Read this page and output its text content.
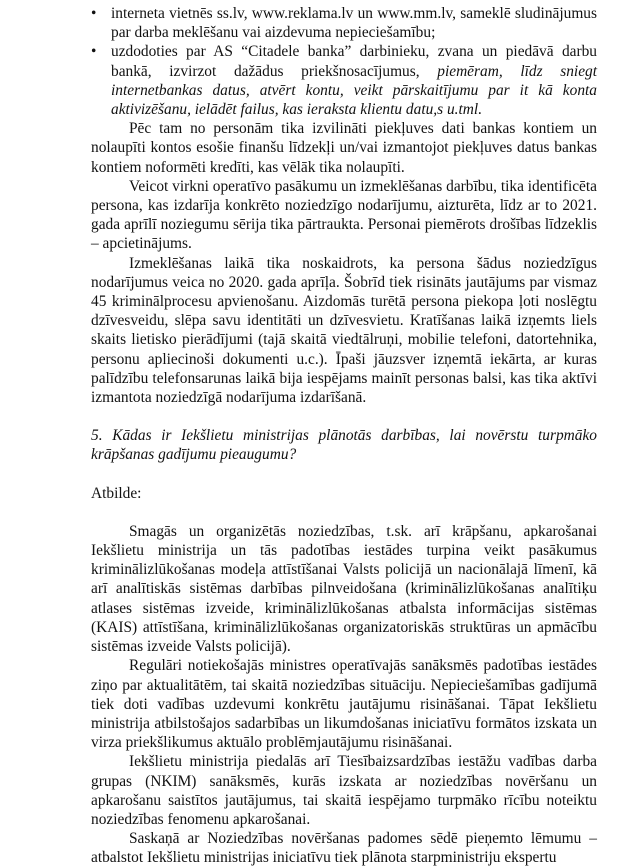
• interneta vietnēs ss.lv, www.reklama.lv un www.mm.lv, sameklē sludinājumus par darba meklēšanu vai aizdevuma nepieciešamību;
• uzdodoties par AS “Citadele banka” darbinieku, zvana un piedāvā darbu bankā, izvirzot dažādus priekšnosacījumus, piemēram, līdz sniegt internetbankas datus, atvērt kontu, veikt pārskaitījumu par it kā konta aktivizēšanu, ielādēt failus, kas ieraksta klientu datu,s u.tml.

Pēc tam no personām tika izvilināti piekļuves dati bankas kontiem un nolaupīti kontos esošie finanšu līdzekļi un/vai izmantojot piekļuves datus bankas kontiem noformēti kredīti, kas vēlāk tika nolaupīti.

Veicot virkni operatīvo pasākumu un izmeklēšanas darbību, tika identificēta persona, kas izdarīja konkrēto noziedzīgo nodarījumu, aizturēta, līdz ar to 2021. gada aprīlī noziegumu sērija tika pārtraukta. Personai piemērots drošības līdzeklis – apcietinājums.

Izmeklēšanas laikā tika noskaidrots, ka persona šādus noziedzīgus nodarījumus veica no 2020. gada aprīļa. Šobrīd tiek risināts jautājums par vismaz 45 kriminālprocesu apvienošanu. Aizdomās turētā persona piekopa ļoti noslēgtu dzīvesveidu, slēpa savu identitāti un dzīvesvietu. Kratīšanas laikā izņemts liels skaits lietisko pierādījumi (tajā skaitā viedtālruņi, mobilie telefoni, datortehnika, personu apliecinoši dokumenti u.c.). Īpaši jāuzsver izņemtā iekārta, ar kuras palīdzību telefonsarunas laikā bija iespējams mainīt personas balsi, kas tika aktīvi izmantota noziedzīgā nodarījuma izdarīšanā.

5. Kādas ir Iekšlietu ministrijas plānotās darbības, lai novērstu turpmāko krāpšanas gadījumu pieaugumu?

Atbilde:

Smagās un organizētās noziedzības, t.sk. arī krāpšanu, apkarošanai Iekšlietu ministrija un tās padotības iestādes turpina veikt pasākumus kriminālizlūkošanas modeļa attīstīšanai Valsts policijā un nacionālajā līmenī, kā arī analītiskās sistēmas darbības pilnveidošana (kriminālizlūkošanas analītiķu atlases sistēmas izveide, kriminālizlūkošanas atbalsta informācijas sistēmas (KAIS) attīstīšana, kriminālizlūkošanas organizatoriskās struktūras un apmācību sistēmas izveide Valsts policijā).

Regulāri notiekošajās ministres operatīvajās sanāksmēs padotības iestādes ziņo par aktualitātēm, tai skaitā noziedzības situāciju. Nepieciešamības gadījumā tiek doti vadības uzdevumi konkrētu jautājumu risināšanai. Tāpat Iekšlietu ministrija atbilstošajos sadarbības un likumdošanas iniciatīvu formātos izskata un virza priekšlikumus aktuālo problēmjautājumu risināšanai.

Iekšlietu ministrija piedalās arī Tiesībaizsardzības iestāžu vadības darba grupas (NKIM) sanāksmēs, kurās izskata ar noziedzības novēršanu un apkarošanu saistītos jautājumus, tai skaitā iespējamo turpmāko rīcību noteiktu noziedzības fenomenu apkarošanai.

Saskaņā ar Noziedzības novēršanas padomes sēdē pieņemto lēmumu – atbalstot Iekšlietu ministrijas iniciatīvu tiek plānota starpministriju ekspertu
